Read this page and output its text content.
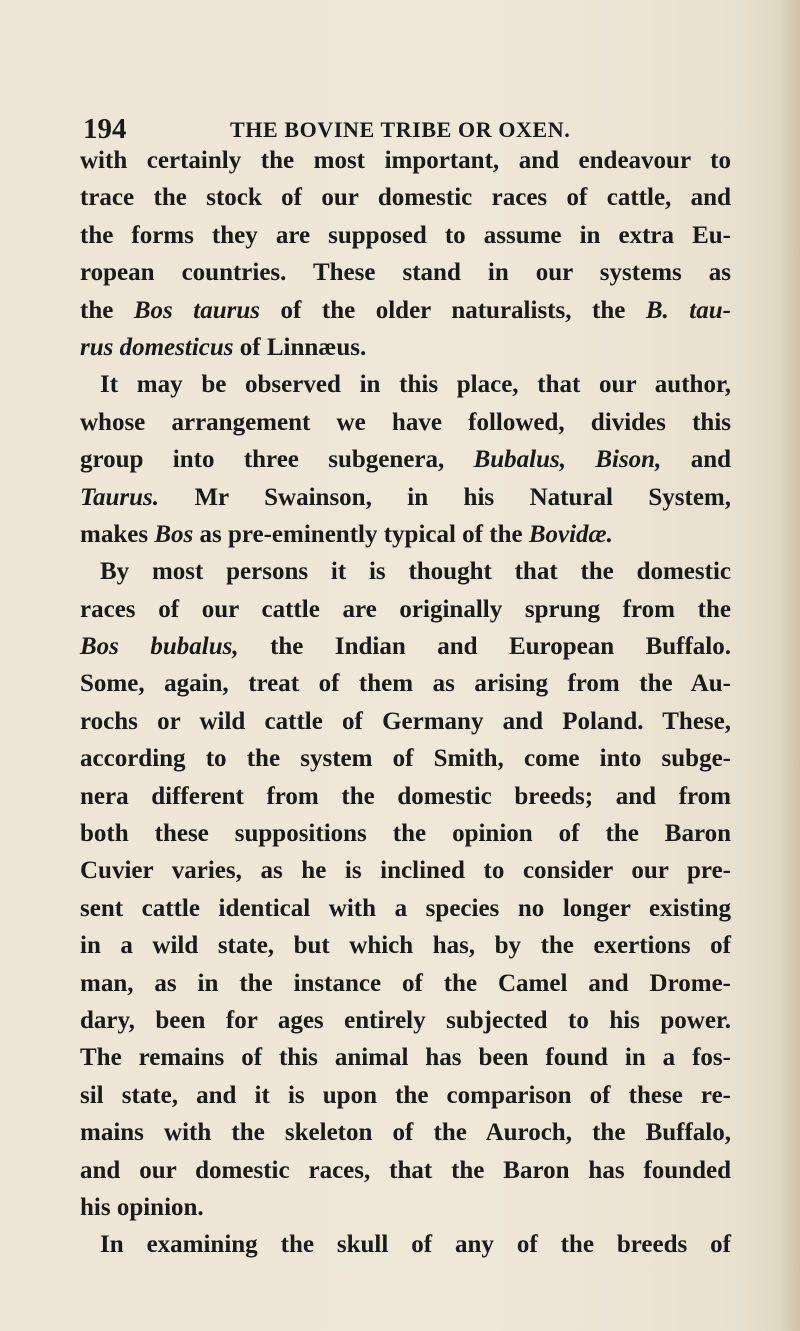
194	THE BOVINE TRIBE OR OXEN.
with certainly the most important, and endeavour to
trace the stock of our domestic races of cattle, and
the forms they are supposed to assume in extra Eu-
ropean countries. These stand in our systems as
the Bos taurus of the older naturalists, the B. tau-
rus domesticus of Linnæus.
It may be observed in this place, that our author,
whose arrangement we have followed, divides this
group into three subgenera, Bubalus, Bison, and
Taurus. Mr Swainson, in his Natural System,
makes Bos as pre-eminently typical of the Bovidæ.
By most persons it is thought that the domestic
races of our cattle are originally sprung from the
Bos bubalus, the Indian and European Buffalo.
Some, again, treat of them as arising from the Au-
rochs or wild cattle of Germany and Poland. These,
according to the system of Smith, come into subge-
nera different from the domestic breeds; and from
both these suppositions the opinion of the Baron
Cuvier varies, as he is inclined to consider our pre-
sent cattle identical with a species no longer existing
in a wild state, but which has, by the exertions of
man, as in the instance of the Camel and Drome-
dary, been for ages entirely subjected to his power.
The remains of this animal has been found in a fos-
sil state, and it is upon the comparison of these re-
mains with the skeleton of the Auroch, the Buffalo,
and our domestic races, that the Baron has founded
his opinion.
In examining the skull of any of the breeds of
